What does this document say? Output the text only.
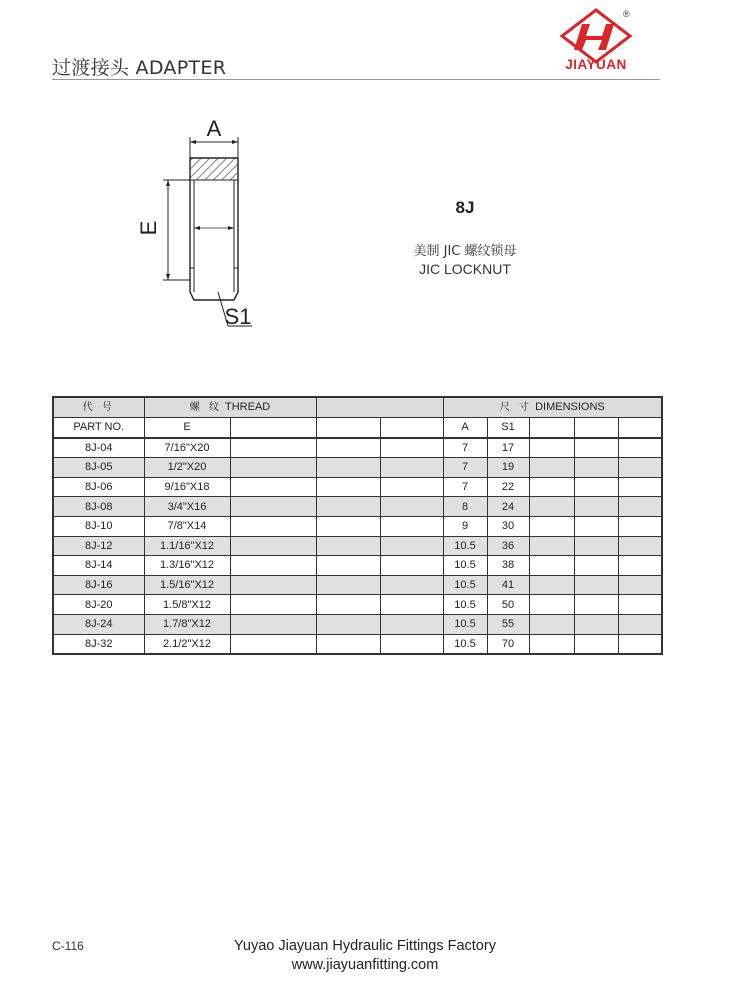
过渡接头 ADAPTER
®
JIAYUAN
A
E
S1
8J
美制 JIC 螺纹锁母
JIC LOCKNUT
代 号	螺 纹 THREAD				尺 寸 DIMENSIONS				
PART NO.	E				A	S1			
8J-04	7/16"X20				7	17			
8J-05	1/2"X20				7	19			
8J-06	9/16"X18				7	22			
8J-08	3/4"X16				8	24			
8J-10	7/8"X14				9	30			
8J-12	1.1/16"X12				10.5	36			
8J-14	1.3/16"X12				10.5	38			
8J-16	1.5/16"X12				10.5	41			
8J-20	1.5/8"X12				10.5	50			
8J-24	1.7/8"X12				10.5	55			
8J-32	2.1/2"X12				10.5	70			
C-116	Yuyao Jiayuan Hydraulic Fittings Factory
www.jiayuanfitting.com
